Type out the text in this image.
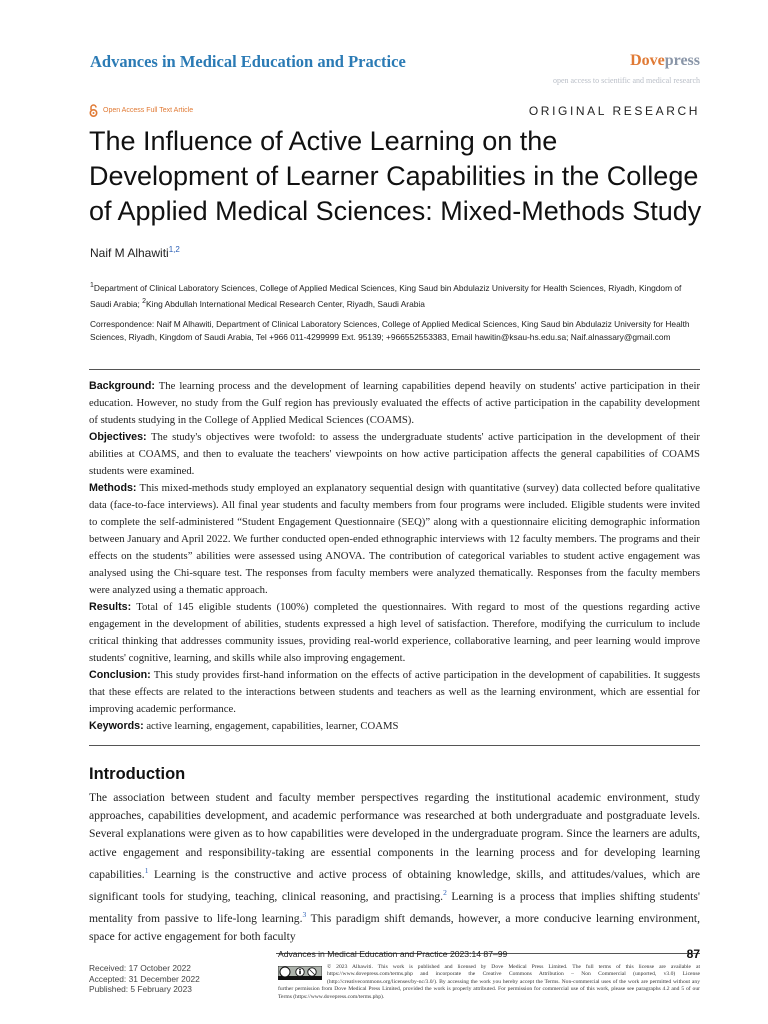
Advances in Medical Education and Practice	Dovepress
open access to scientific and medical research
Open Access Full Text Article	ORIGINAL RESEARCH
The Influence of Active Learning on the Development of Learner Capabilities in the College of Applied Medical Sciences: Mixed-Methods Study
Naif M Alhawiti$^{1,2}$
$^1$Department of Clinical Laboratory Sciences, College of Applied Medical Sciences, King Saud bin Abdulaziz University for Health Sciences, Riyadh, Kingdom of Saudi Arabia; $^2$King Abdullah International Medical Research Center, Riyadh, Saudi Arabia
Correspondence: Naif M Alhawiti, Department of Clinical Laboratory Sciences, College of Applied Medical Sciences, King Saud bin Abdulaziz University for Health Sciences, Riyadh, Kingdom of Saudi Arabia, Tel +966 011-4299999 Ext. 95139; +966552553383, Email hawitin@ksau-hs.edu.sa; Naif.alnassary@gmail.com

Background: The learning process and the development of learning capabilities depend heavily on students' active participation in their education. However, no study from the Gulf region has previously evaluated the effects of active participation in the capability development of students studying in the College of Applied Medical Sciences (COAMS).

Objectives: The study's objectives were twofold: to assess the undergraduate students' active participation in the development of their abilities at COAMS, and then to evaluate the teachers' viewpoints on how active participation affects the general capabilities of COAMS students were examined.

Methods: This mixed-methods study employed an explanatory sequential design with quantitative (survey) data collected before qualitative data (face-to-face interviews). All final year students and faculty members from four programs were included. Eligible students were invited to complete the self-administered “Student Engagement Questionnaire (SEQ)” along with a questionnaire eliciting demographic information between January and April 2022. We further conducted open-ended ethnographic interviews with 12 faculty members. The programs and their effects on the students” abilities were assessed using ANOVA. The contribution of categorical variables to student active engagement was analysed using the Chi-square test. The responses from faculty members were analyzed thematically. Responses from the faculty members were analyzed using a thematic approach.

Results: Total of 145 eligible students (100%) completed the questionnaires. With regard to most of the questions regarding active engagement in the development of abilities, students expressed a high level of satisfaction. Therefore, modifying the curriculum to include critical thinking that addresses community issues, providing real-world experience, collaborative learning, and peer learning would improve students' cognitive, learning, and skills while also improving engagement.

Conclusion: This study provides first-hand information on the effects of active participation in the development of capabilities. It suggests that these effects are related to the interactions between students and teachers as well as the learning environment, which are essential for improving academic performance.

Keywords: active learning, engagement, capabilities, learner, COAMS

Introduction
The association between student and faculty member perspectives regarding the institutional academic environment, study approaches, capabilities development, and academic performance was researched at both undergraduate and postgraduate levels. Several explanations were given as to how capabilities were developed in the undergraduate program. Since the learners are adults, active engagement and responsibility-taking are essential components in the learning process and for developing learning capabilities.$^1$ Learning is the constructive and active process of obtaining knowledge, skills, and attitudes/values, which are significant tools for studying, teaching, clinical reasoning, and practising.$^2$ Learning is a process that implies shifting students' mentality from passive to life-long learning.$^3$ This paradigm shift demands, however, a more conducive learning environment, space for active engagement for both faculty
Advances in Medical Education and Practice 2023:14 87–99	87
Received: 17 October 2022
Accepted: 31 December 2022
Published: 5 February 2023
© 2023 Alhawiti. This work is published and licensed by Dove Medical Press Limited. The full terms of this license are available at https://www.dovepress.com/terms.php and incorporate the Creative Commons Attribution – Non Commercial (unported, v3.0) License (http://creativecommons.org/licenses/by-nc/3.0/). By accessing the work you hereby accept the Terms. Non-commercial uses of the work are permitted without any further permission from Dove Medical Press Limited, provided the work is properly attributed. For permission for commercial use of this work, please see paragraphs 4.2 and 5 of our Terms (https://www.dovepress.com/terms.php).
